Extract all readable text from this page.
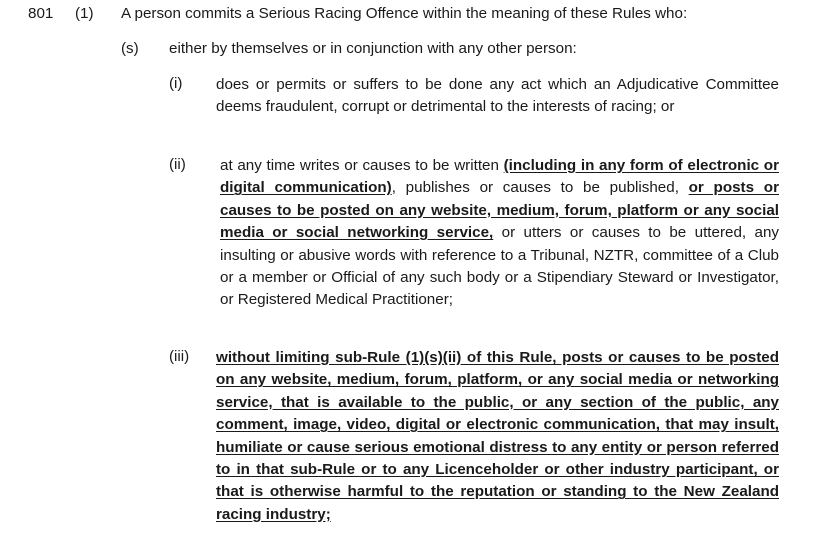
801 (1) A person commits a Serious Racing Offence within the meaning of these Rules who:
(s) either by themselves or in conjunction with any other person:
(i) does or permits or suffers to be done any act which an Adjudicative Committee deems fraudulent, corrupt or detrimental to the interests of racing; or
(ii) at any time writes or causes to be written (including in any form of electronic or digital communication), publishes or causes to be published, or posts or causes to be posted on any website, medium, forum, platform or any social media or social networking service, or utters or causes to be uttered, any insulting or abusive words with reference to a Tribunal, NZTR, committee of a Club or a member or Official of any such body or a Stipendiary Steward or Investigator, or Registered Medical Practitioner;
(iii) without limiting sub-Rule (1)(s)(ii) of this Rule, posts or causes to be posted on any website, medium, forum, platform, or any social media or networking service, that is available to the public, or any section of the public, any comment, image, video, digital or electronic communication, that may insult, humiliate or cause serious emotional distress to any entity or person referred to in that sub-Rule or to any Licenceholder or other industry participant, or that is otherwise harmful to the reputation or standing to the New Zealand racing industry;
